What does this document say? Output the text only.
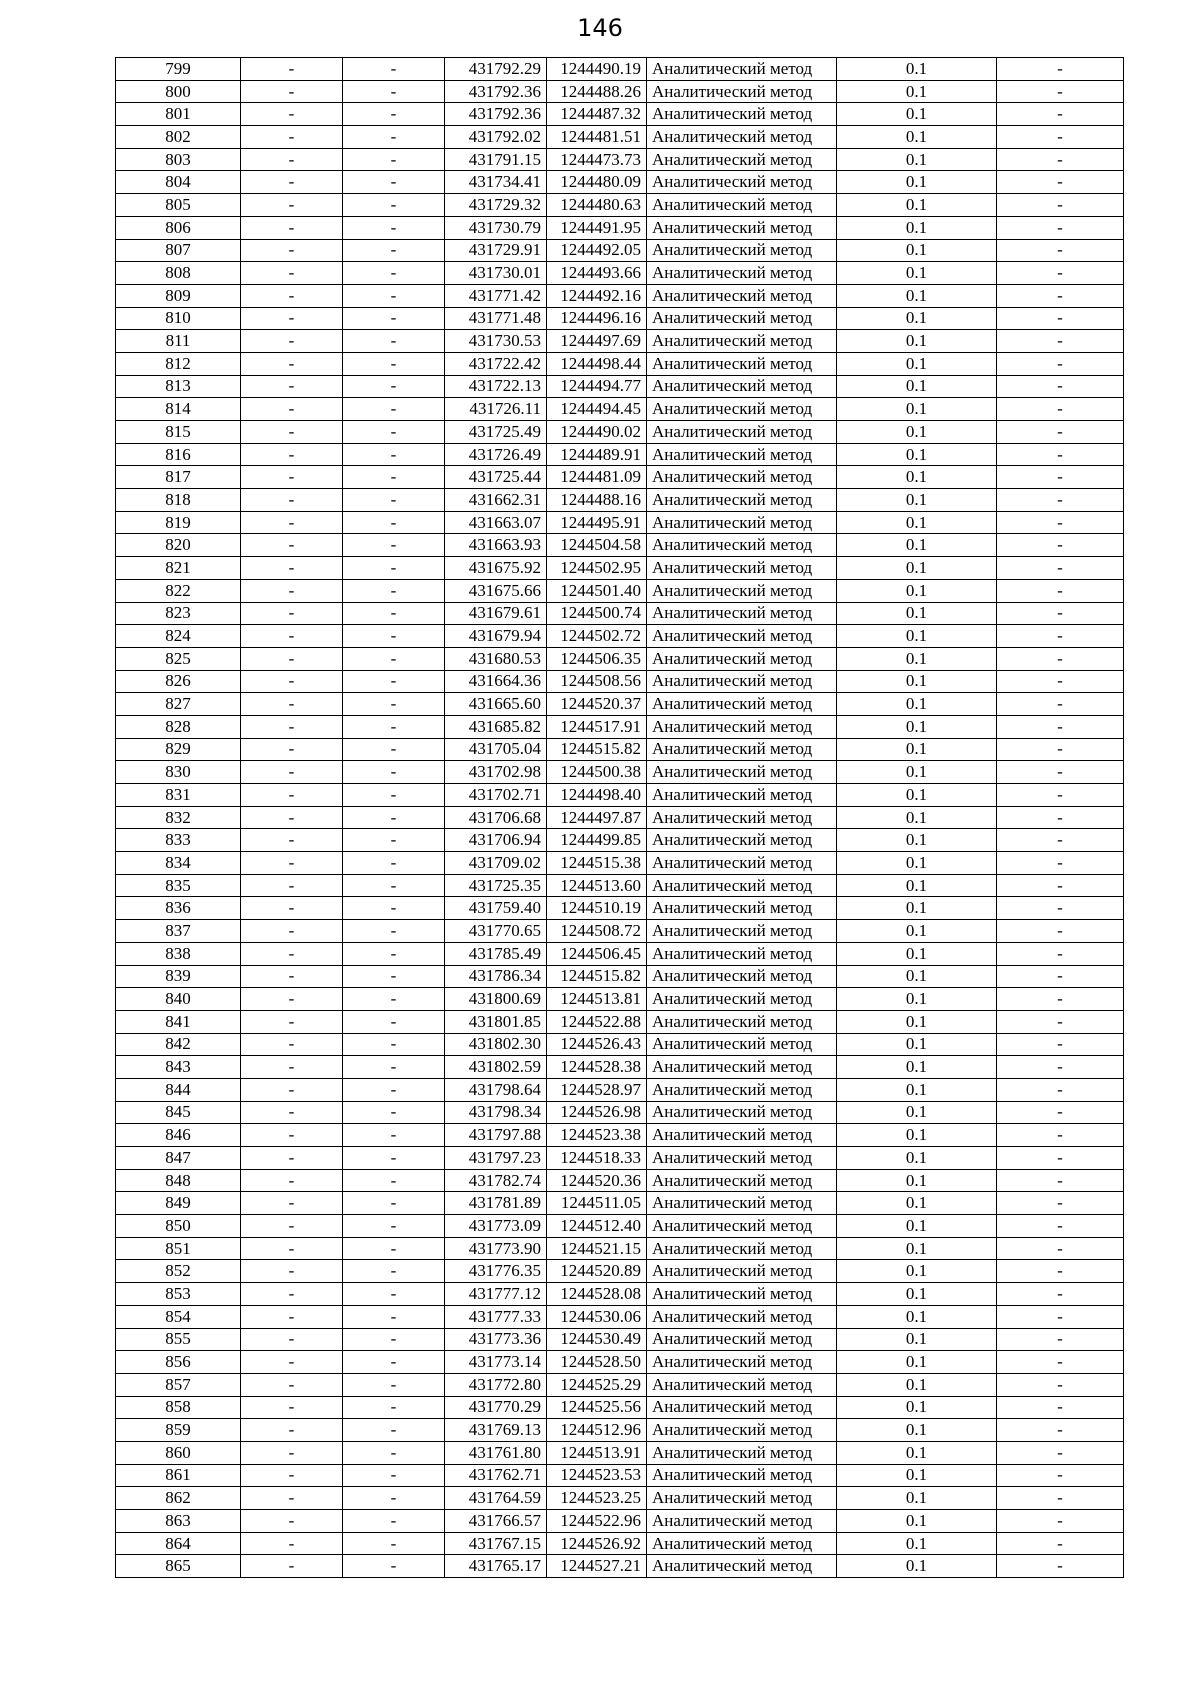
146
799	-	-	431792.29	1244490.19	Аналитический метод	0.1	-
800	-	-	431792.36	1244488.26	Аналитический метод	0.1	-
801	-	-	431792.36	1244487.32	Аналитический метод	0.1	-
802	-	-	431792.02	1244481.51	Аналитический метод	0.1	-
803	-	-	431791.15	1244473.73	Аналитический метод	0.1	-
804	-	-	431734.41	1244480.09	Аналитический метод	0.1	-
805	-	-	431729.32	1244480.63	Аналитический метод	0.1	-
806	-	-	431730.79	1244491.95	Аналитический метод	0.1	-
807	-	-	431729.91	1244492.05	Аналитический метод	0.1	-
808	-	-	431730.01	1244493.66	Аналитический метод	0.1	-
809	-	-	431771.42	1244492.16	Аналитический метод	0.1	-
810	-	-	431771.48	1244496.16	Аналитический метод	0.1	-
811	-	-	431730.53	1244497.69	Аналитический метод	0.1	-
812	-	-	431722.42	1244498.44	Аналитический метод	0.1	-
813	-	-	431722.13	1244494.77	Аналитический метод	0.1	-
814	-	-	431726.11	1244494.45	Аналитический метод	0.1	-
815	-	-	431725.49	1244490.02	Аналитический метод	0.1	-
816	-	-	431726.49	1244489.91	Аналитический метод	0.1	-
817	-	-	431725.44	1244481.09	Аналитический метод	0.1	-
818	-	-	431662.31	1244488.16	Аналитический метод	0.1	-
819	-	-	431663.07	1244495.91	Аналитический метод	0.1	-
820	-	-	431663.93	1244504.58	Аналитический метод	0.1	-
821	-	-	431675.92	1244502.95	Аналитический метод	0.1	-
822	-	-	431675.66	1244501.40	Аналитический метод	0.1	-
823	-	-	431679.61	1244500.74	Аналитический метод	0.1	-
824	-	-	431679.94	1244502.72	Аналитический метод	0.1	-
825	-	-	431680.53	1244506.35	Аналитический метод	0.1	-
826	-	-	431664.36	1244508.56	Аналитический метод	0.1	-
827	-	-	431665.60	1244520.37	Аналитический метод	0.1	-
828	-	-	431685.82	1244517.91	Аналитический метод	0.1	-
829	-	-	431705.04	1244515.82	Аналитический метод	0.1	-
830	-	-	431702.98	1244500.38	Аналитический метод	0.1	-
831	-	-	431702.71	1244498.40	Аналитический метод	0.1	-
832	-	-	431706.68	1244497.87	Аналитический метод	0.1	-
833	-	-	431706.94	1244499.85	Аналитический метод	0.1	-
834	-	-	431709.02	1244515.38	Аналитический метод	0.1	-
835	-	-	431725.35	1244513.60	Аналитический метод	0.1	-
836	-	-	431759.40	1244510.19	Аналитический метод	0.1	-
837	-	-	431770.65	1244508.72	Аналитический метод	0.1	-
838	-	-	431785.49	1244506.45	Аналитический метод	0.1	-
839	-	-	431786.34	1244515.82	Аналитический метод	0.1	-
840	-	-	431800.69	1244513.81	Аналитический метод	0.1	-
841	-	-	431801.85	1244522.88	Аналитический метод	0.1	-
842	-	-	431802.30	1244526.43	Аналитический метод	0.1	-
843	-	-	431802.59	1244528.38	Аналитический метод	0.1	-
844	-	-	431798.64	1244528.97	Аналитический метод	0.1	-
845	-	-	431798.34	1244526.98	Аналитический метод	0.1	-
846	-	-	431797.88	1244523.38	Аналитический метод	0.1	-
847	-	-	431797.23	1244518.33	Аналитический метод	0.1	-
848	-	-	431782.74	1244520.36	Аналитический метод	0.1	-
849	-	-	431781.89	1244511.05	Аналитический метод	0.1	-
850	-	-	431773.09	1244512.40	Аналитический метод	0.1	-
851	-	-	431773.90	1244521.15	Аналитический метод	0.1	-
852	-	-	431776.35	1244520.89	Аналитический метод	0.1	-
853	-	-	431777.12	1244528.08	Аналитический метод	0.1	-
854	-	-	431777.33	1244530.06	Аналитический метод	0.1	-
855	-	-	431773.36	1244530.49	Аналитический метод	0.1	-
856	-	-	431773.14	1244528.50	Аналитический метод	0.1	-
857	-	-	431772.80	1244525.29	Аналитический метод	0.1	-
858	-	-	431770.29	1244525.56	Аналитический метод	0.1	-
859	-	-	431769.13	1244512.96	Аналитический метод	0.1	-
860	-	-	431761.80	1244513.91	Аналитический метод	0.1	-
861	-	-	431762.71	1244523.53	Аналитический метод	0.1	-
862	-	-	431764.59	1244523.25	Аналитический метод	0.1	-
863	-	-	431766.57	1244522.96	Аналитический метод	0.1	-
864	-	-	431767.15	1244526.92	Аналитический метод	0.1	-
865	-	-	431765.17	1244527.21	Аналитический метод	0.1	-
